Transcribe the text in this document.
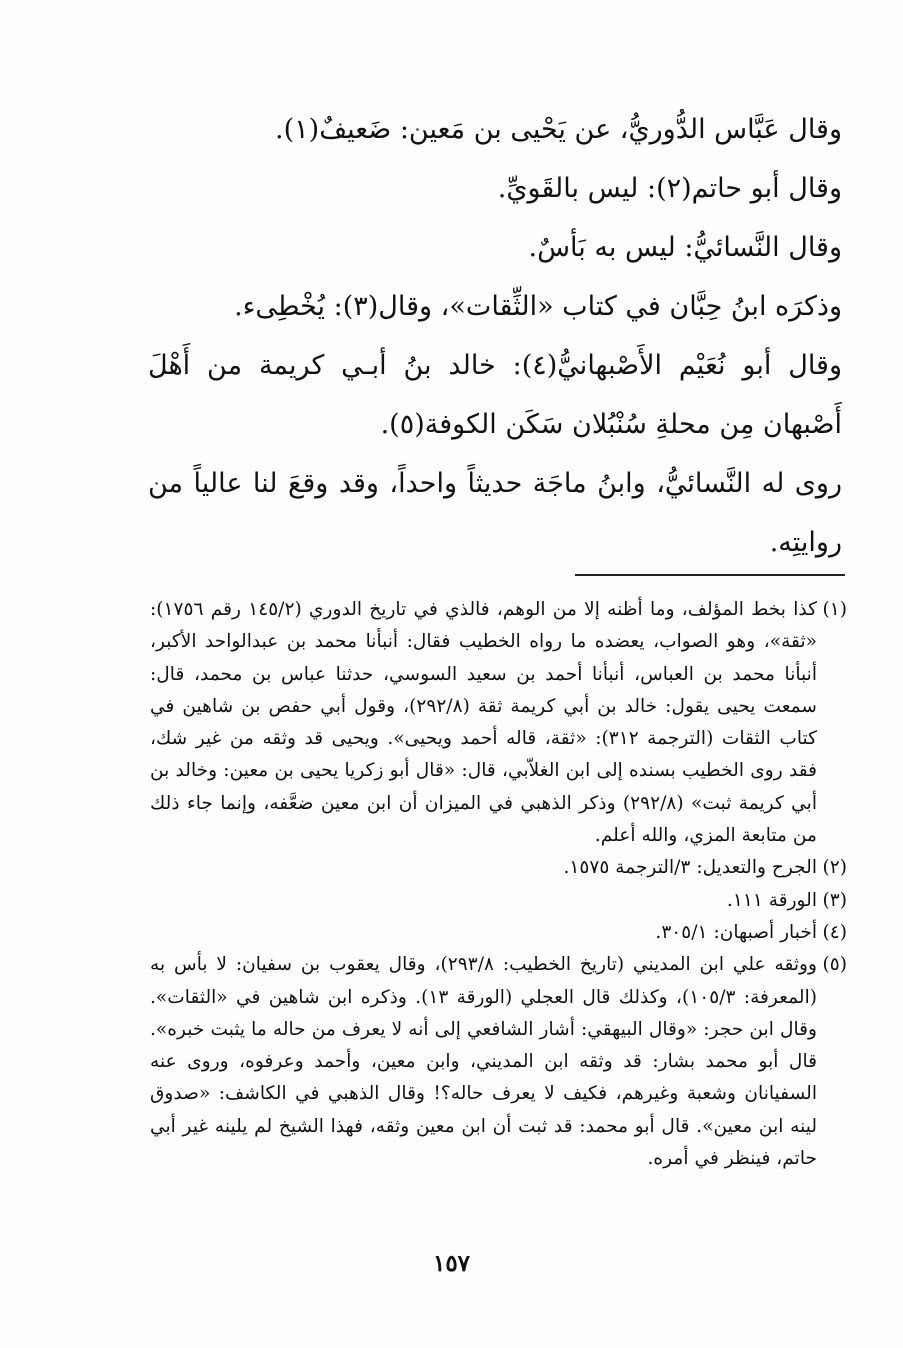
وقال عَبَّاس الدُّوريُّ، عن يَحْيى بن مَعين: ضَعيفٌ(١).

وقال أبو حاتم(٢): ليس بالقَويِّ.

وقال النَّسائيُّ: ليس به بَأسٌ.

وذكرَه ابنُ حِبَّان في كتاب «الثِّقات»، وقال(٣): يُخْطِىء.

وقال أبو نُعَيْم الأَصْبهانيُّ(٤): خالد بنُ أبـي كريمة من أَهْلَ أَصْبهان مِن محلةِ سُنْبُلان سَكَن الكوفة(٥).

روى له النَّسائيُّ، وابنُ ماجَة حديثاً واحداً، وقد وقعَ لنا عالياً من روايتِه.

(١)كذا بخط المؤلف، وما أظنه إلا من الوهم، فالذي في تاريخ الدوري (١٤٥/٢ رقم ١٧٥٦): «ثقة»، وهو الصواب، يعضده ما رواه الخطيب فقال: أنبأنا محمد بن عبدالواحد الأكبر، أنبأنا محمد بن العباس، أنبأنا أحمد بن سعيد السوسي، حدثنا عباس بن محمد، قال: سمعت يحيى يقول: خالد بن أبي كريمة ثقة (٢٩٢/٨)، وقول أبي حفص بن شاهين في كتاب الثقات (الترجمة ٣١٢): «ثقة، قاله أحمد ويحيى». ويحيى قد وثقه من غير شك، فقد روى الخطيب بسنده إلى ابن الغلاّبي، قال: «قال أبو زكريا يحيى بن معين: وخالد بن أبي كريمة ثبت» (٢٩٢/٨) وذكر الذهبي في الميزان أن ابن معين ضعَّفه، وإنما جاء ذلك من متابعة المزي، والله أعلم.

(٢)الجرح والتعديل: ٣/الترجمة ١٥٧٥.

(٣)الورقة ١١١.

(٤)أخبار أصبهان: ٣٠٥/١.

(٥)ووثقه علي ابن المديني (تاريخ الخطيب: ٢٩٣/٨)، وقال يعقوب بن سفيان: لا بأس به (المعرفة: ١٠٥/٣)، وكذلك قال العجلي (الورقة ١٣). وذكره ابن شاهين في «الثقات». وقال ابن حجر: «وقال البيهقي: أشار الشافعي إلى أنه لا يعرف من حاله ما يثبت خبره». قال أبو محمد بشار: قد وثقه ابن المديني، وابن معين، وأحمد وعرفوه، وروى عنه السفيانان وشعبة وغيرهم، فكيف لا يعرف حاله؟! وقال الذهبي في الكاشف: «صدوق لينه ابن معين». قال أبو محمد: قد ثبت أن ابن معين وثقه، فهذا الشيخ لم يلينه غير أبي حاتم، فينظر في أمره.

١٥٧
